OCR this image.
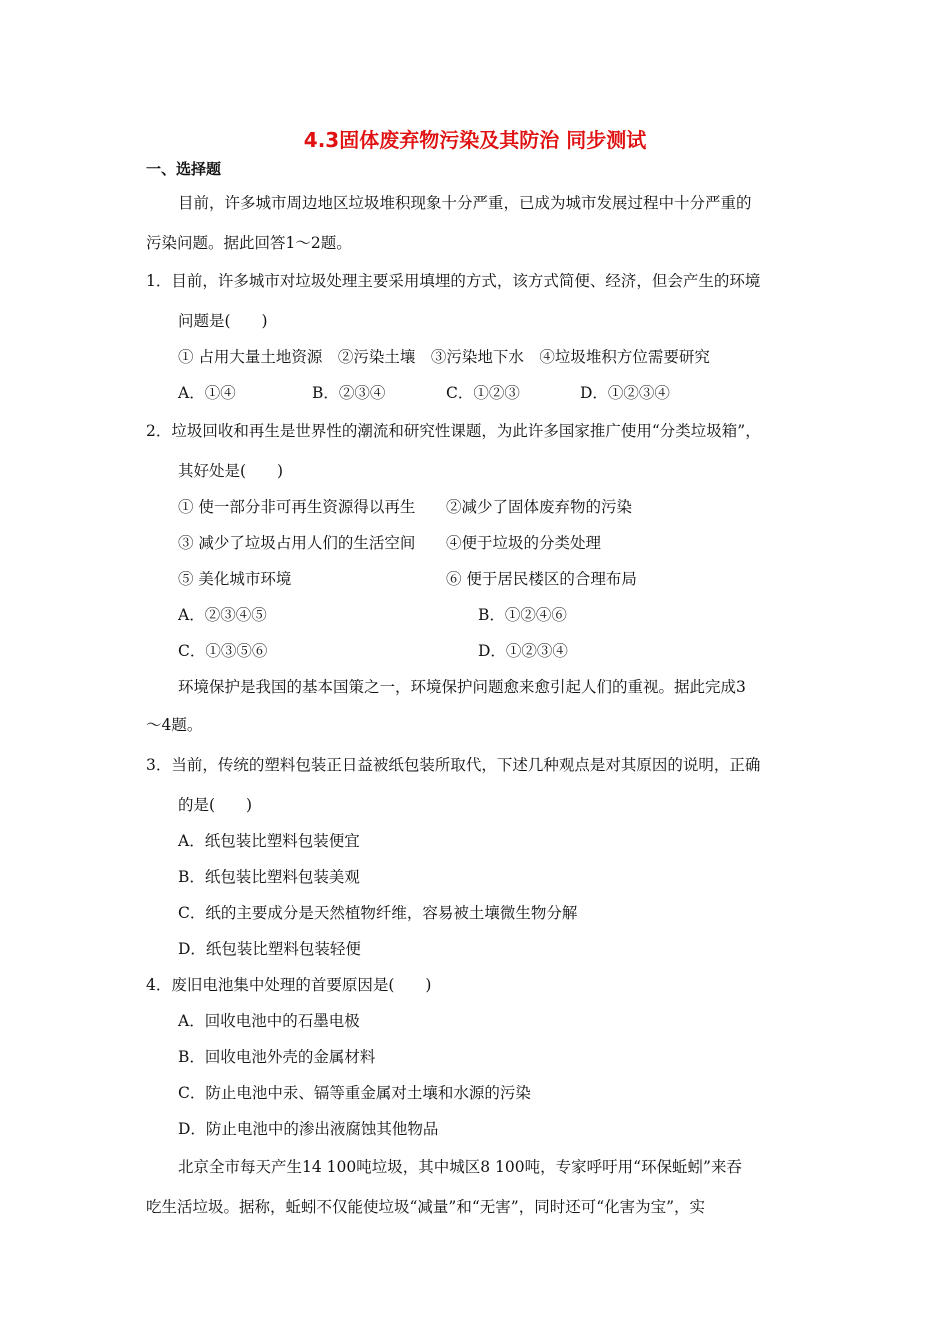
4.3固体废弃物污染及其防治 同步测试
一、选择题
目前，许多城市周边地区垃圾堆积现象十分严重，已成为城市发展过程中十分严重的
污染问题。据此回答1～2题。
1．目前，许多城市对垃圾处理主要采用填埋的方式，该方式简便、经济，但会产生的环境
问题是(　　)
① 占用大量土地资源　②污染土壤　③污染地下水　④垃圾堆积方位需要研究
A．①④	B．②③④	C．①②③	D．①②③④
2．垃圾回收和再生是世界性的潮流和研究性课题，为此许多国家推广使用“分类垃圾箱”，
其好处是(　　)
① 使一部分非可再生资源得以再生 ②减少了固体废弃物的污染
③ 减少了垃圾占用人们的生活空间 ④便于垃圾的分类处理
⑤ 美化城市环境	⑥ 便于居民楼区的合理布局
A．②③④⑤	B．①②④⑥
C．①③⑤⑥	D．①②③④
环境保护是我国的基本国策之一，环境保护问题愈来愈引起人们的重视。据此完成3
～4题。
3．当前，传统的塑料包装正日益被纸包装所取代，下述几种观点是对其原因的说明，正确
的是(　　)
A．纸包装比塑料包装便宜
B．纸包装比塑料包装美观
C．纸的主要成分是天然植物纤维，容易被土壤微生物分解
D．纸包装比塑料包装轻便
4．废旧电池集中处理的首要原因是(　　)
A．回收电池中的石墨电极
B．回收电池外壳的金属材料
C．防止电池中汞、镉等重金属对土壤和水源的污染
D．防止电池中的渗出液腐蚀其他物品
北京全市每天产生14 100吨垃圾，其中城区8 100吨，专家呼吁用“环保蚯蚓”来吞
吃生活垃圾。据称，蚯蚓不仅能使垃圾“减量”和“无害”，同时还可“化害为宝”，实
